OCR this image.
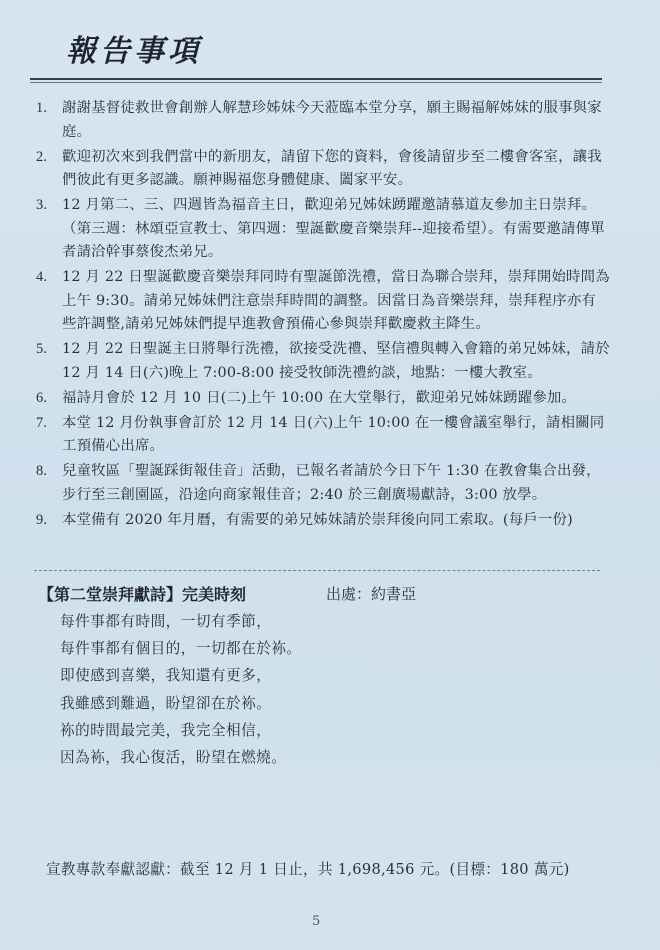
報告事項
1. 謝謝基督徒救世會創辦人解慧珍姊妹今天蒞臨本堂分享，願主賜福解姊妹的服事與家庭。
2. 歡迎初次來到我們當中的新朋友，請留下您的資料，會後請留步至二樓會客室，讓我們彼此有更多認識。願神賜福您身體健康、闔家平安。
3. 12 月第二、三、四週皆為福音主日，歡迎弟兄姊妹踴躍邀請慕道友參加主日崇拜。（第三週：林頌亞宣教士、第四週：聖誕歡慶音樂崇拜--迎接希望）。有需要邀請傳單者請洽幹事蔡俊杰弟兄。
4. 12 月 22 日聖誕歡慶音樂崇拜同時有聖誕節洗禮，當日為聯合崇拜，崇拜開始時間為上午 9:30。請弟兄姊妹們注意崇拜時間的調整。因當日為音樂崇拜，崇拜程序亦有些許調整,請弟兄姊妹們提早進教會預備心參與崇拜歡慶救主降生。
5. 12 月 22 日聖誕主日將舉行洗禮，欲接受洗禮、堅信禮與轉入會籍的弟兄姊妹，請於 12 月 14 日(六)晚上 7:00-8:00 接受牧師洗禮約談，地點：一樓大教室。
6. 福詩月會於 12 月 10 日(二)上午 10:00 在大堂舉行，歡迎弟兄姊妹踴躍參加。
7. 本堂 12 月份執事會訂於 12 月 14 日(六)上午 10:00 在一樓會議室舉行，請相關同工預備心出席。
8. 兒童牧區「聖誕踩街報佳音」活動，已報名者請於今日下午 1:30 在教會集合出發，步行至三創園區，沿途向商家報佳音；2:40 於三創廣場獻詩，3:00 放學。
9. 本堂備有 2020 年月曆，有需要的弟兄姊妹請於崇拜後向同工索取。(每戶一份)
【第二堂崇拜獻詩】完美時刻	出處：約書亞
每件事都有時間，一切有季節，
每件事都有個目的，一切都在於袮。
即使感到喜樂，我知還有更多，
我雖感到難過，盼望卻在於袮。
袮的時間最完美，我完全相信，
因為袮，我心復活，盼望在燃燒。
宣教專款奉獻認獻：截至 12 月 1 日止，共 1,698,456 元。(目標：180 萬元)
5
